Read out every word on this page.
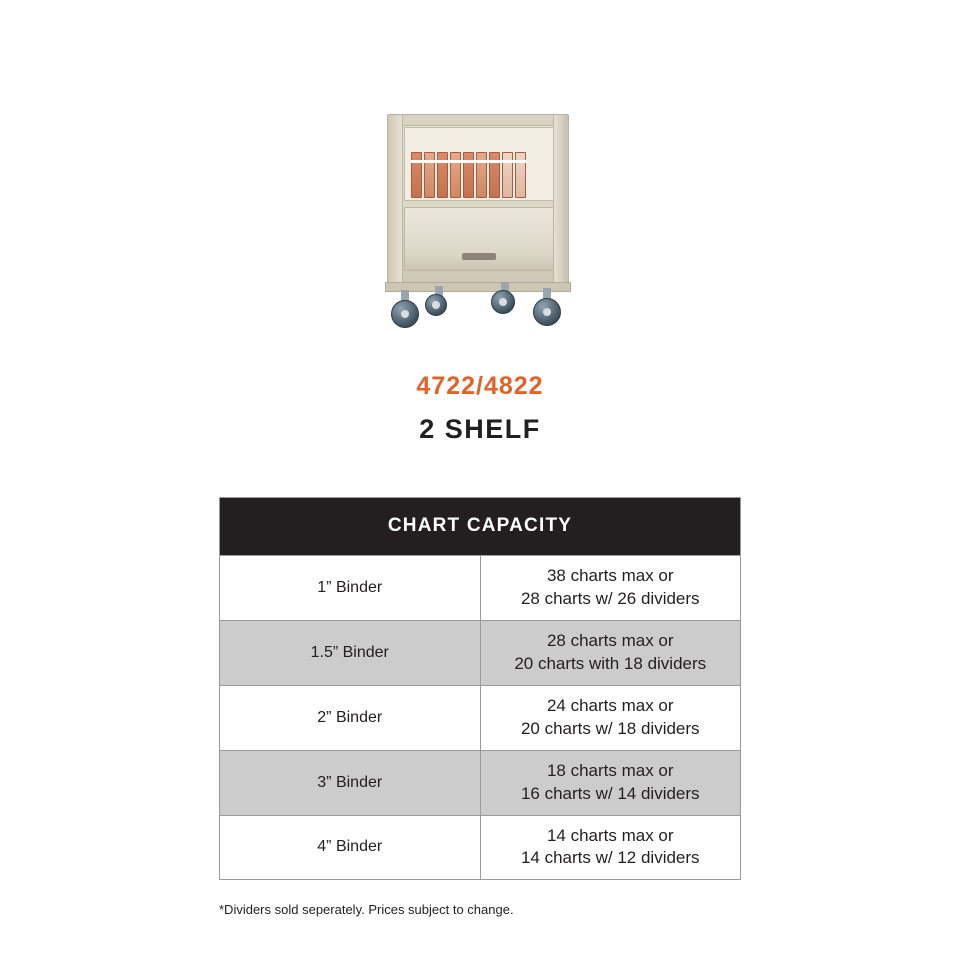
4722/4822
2 SHELF
CHART CAPACITY	
1” Binder	38 charts max or
28 charts w/ 26 dividers

1.5” Binder	28 charts max or
20 charts with 18 dividers

2” Binder	24 charts max or
20 charts w/ 18 dividers

3” Binder	18 charts max or
16 charts w/ 14 dividers

4” Binder	14 charts max or
14 charts w/ 12 dividers
*Dividers sold seperately. Prices subject to change.
